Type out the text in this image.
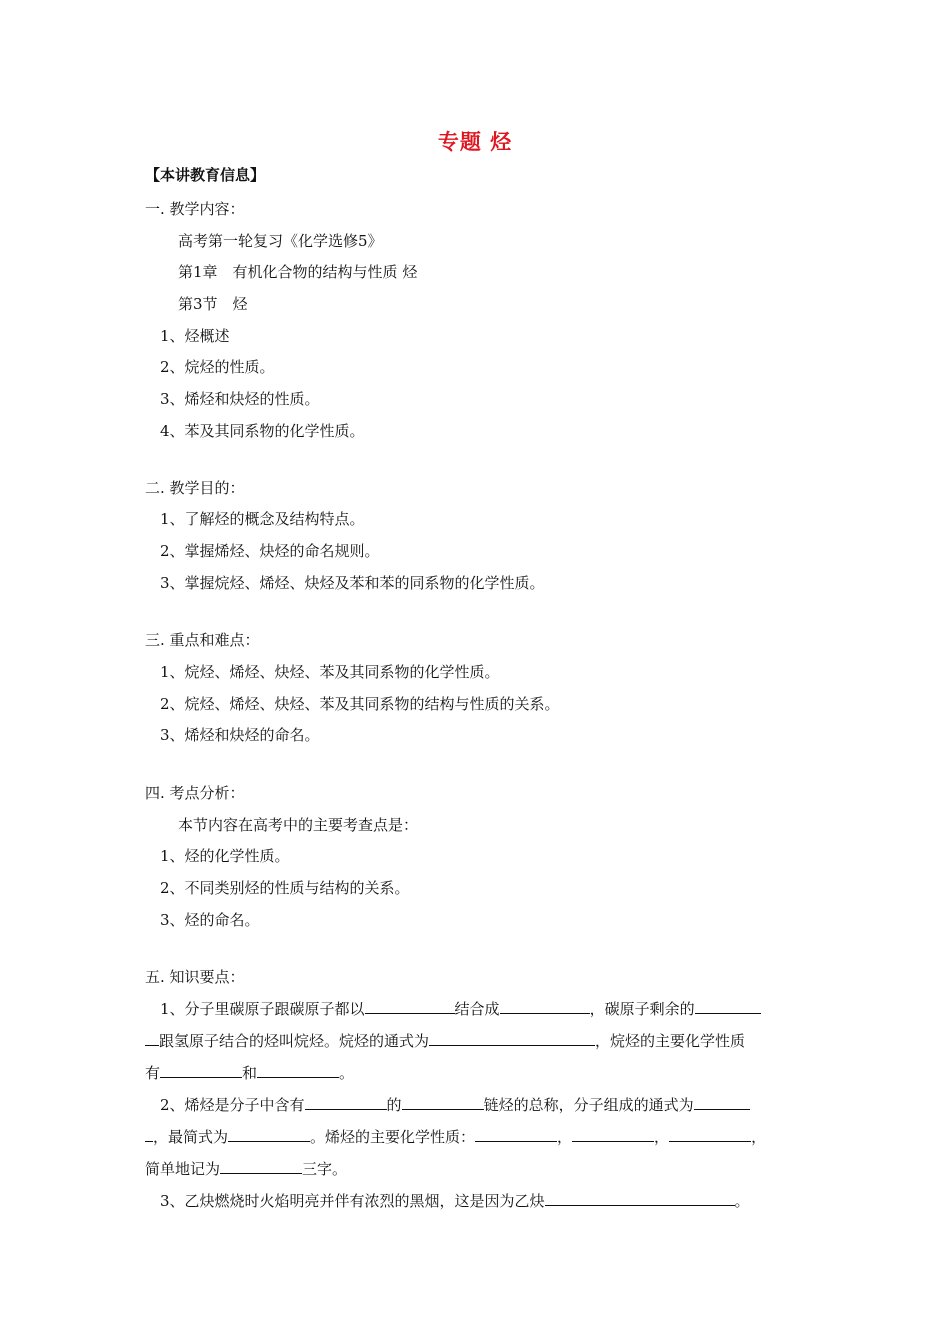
专题 烃
【本讲教育信息】
一. 教学内容：
高考第一轮复习《化学选修5》
第1章　有机化合物的结构与性质 烃
第3节　烃
1、烃概述
2、烷烃的性质。
3、烯烃和炔烃的性质。
4、苯及其同系物的化学性质。
二. 教学目的：
1、了解烃的概念及结构特点。
2、掌握烯烃、炔烃的命名规则。
3、掌握烷烃、烯烃、炔烃及苯和苯的同系物的化学性质。
三. 重点和难点：
1、烷烃、烯烃、炔烃、苯及其同系物的化学性质。
2、烷烃、烯烃、炔烃、苯及其同系物的结构与性质的关系。
3、烯烃和炔烃的命名。
四. 考点分析：
本节内容在高考中的主要考查点是：
1、烃的化学性质。
2、不同类别烃的性质与结构的关系。
3、烃的命名。
五. 知识要点：
1、分子里碳原子跟碳原子都以	结合成	，碳原子剩余的
跟氢原子结合的烃叫烷烃。烷烃的通式为	，烷烃的主要化学性质
有	和	。
2、烯烃是分子中含有	的	链烃的总称，分子组成的通式为
，最简式为	。烯烃的主要化学性质：	，	，	，
简单地记为	三字。
3、乙炔燃烧时火焰明亮并伴有浓烈的黑烟，这是因为乙炔	。
